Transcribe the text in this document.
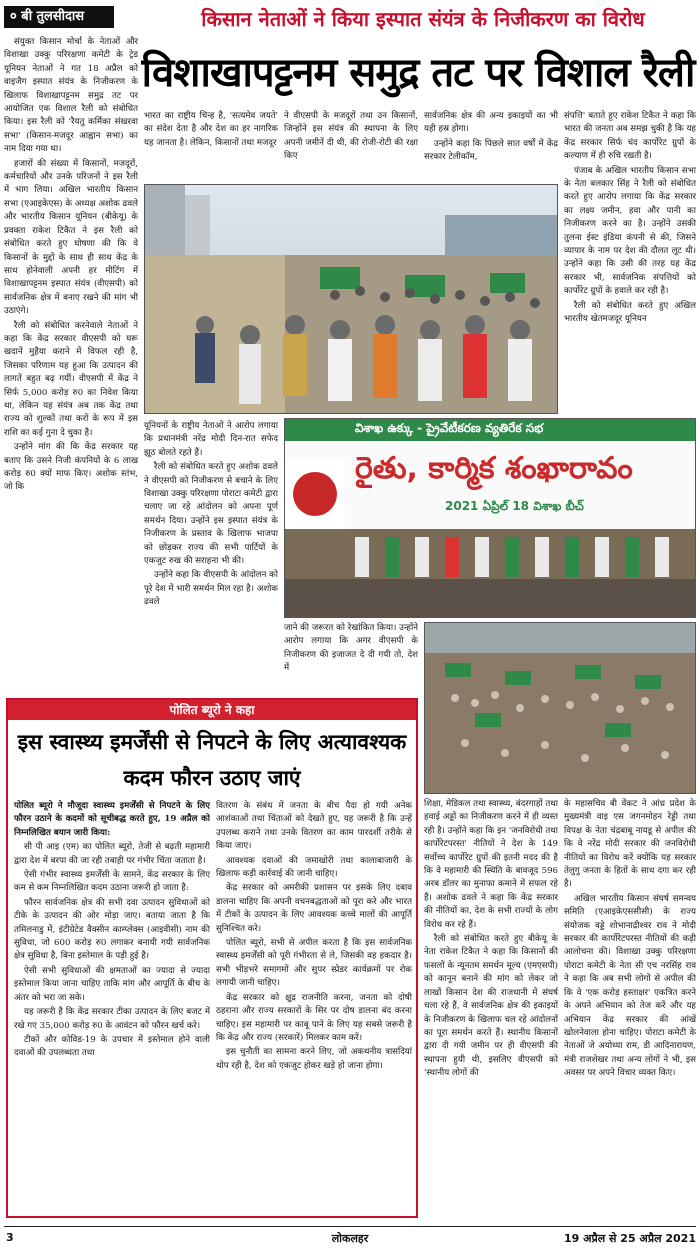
० बी तुलसीदास	किसान नेताओं ने किया इस्पात संयंत्र के निजीकरण का विरोध
विशाखापट्टनम समुद्र तट पर विशाल रैली

संयुक्त किसान मोर्चा के नेताओं और विशाखा उक्कु परिरक्षणा कमेटी के ट्रेड यूनियन नेताओं ने गत 18 अप्रैल को वाइजैग इस्पात संयंत्र के निजीकरण के खिलाफ विशाखापट्टनम समुद्र तट पर आयोजित एक विशाल रैली को संबोधित किया। इस रैली को 'रैयतु कर्मिका संखरवा सभा' (किसान-मजदूर आह्वान सभा) का नाम दिया गया था।

हजारों की संख्या में किसानों, मजदूरों, कर्मचारियों और उनके परिजनों ने इस रैली में भाग लिया। अखिल भारतीय किसान सभा (एआइकेएस) के अध्यक्ष अशोक ढवले और भारतीय किसान यूनियन (बीकेयू) के प्रवक्ता राकेश टिकैत ने इस रैली को संबोधित करते हुए घोषणा की कि वे किसानों के मुद्दों के साथ ही साथ केंद्र के साथ होनेवाली अपनी हर मीटिंग में विशाखापट्टनम इस्पात संयंत्र (वीएसपी) को सार्वजनिक क्षेत्र में बनाए रखने की मांग भी उठाएंगे।

रैली को संबोधित करनेवाले नेताओं ने कहा कि केंद्र सरकार वीएसपी को घरू खदानें मुहैया कराने में विफल रही है, जिसका परिणाम यह हुआ कि उत्पादन की लागतें बहुत बढ़ गयीं। वीएसपी में केंद्र ने सिर्फ 5,000 करोड़ रु0 का निवेश किया था, लेकिन यह संयंत्र अब तक केंद्र तथा राज्य को शुल्कों तथा करों के रूप में इस राशि का कई गुना दे चुका है।

उन्होंने मांग की कि केंद्र सरकार यह बताए कि उसने निजी कंपनियों के 6 लाख करोड़ रु0 क्यों माफ किए। अशोक स्तंभ, जो कि

भारत का राष्ट्रीय चिन्ह है, 'सत्यमेव जयते' का संदेश देता है और देश का हर नागरिक यह जानता है। लेकिन, किसानों तथा मजदूर

ने वीएसपी के मजदूरों तथा उन किसानों, जिन्होंने इस संयंत्र की स्थापना के लिए अपनी जमीनें दी थी, की रोजी-रोटी की रक्षा किए

सार्वजनिक क्षेत्र की अन्य इकाइयों का भी यही हस्र होगा।

उन्होंने कहा कि पिछले सात वर्षों में केंद्र सरकार टेलीकॉम,

संपत्ति' बताते हुए राकेश टिकैत ने कहा कि भारत की जनता अब समझ चुकी है कि यह केंद्र सरकार सिर्फ चंद कार्पोरेट ग्रुपों के कल्याण में ही रुचि रखती है।

पंजाब के अखिल भारतीय किसान सभा के नेता बलकार सिंह ने रैली को संबोधित करते हुए आरोप लगाया कि केंद्र सरकार का लक्ष्य जमीन, हवा और पानी का निजीकरण करने का है। उन्होंने उसकी तुलना ईस्ट इंडिया कंपनी से की, जिसने व्यापार के नाम पर देश की दौलत लूट थी। उन्होंने कहा कि उसी की तरह यह केंद्र सरकार भी, सार्वजनिक संपत्तियों को कार्पोरेट ग्रुपों के हवाले कर रही है।

रैली को संबोधित करते हुए अखिल भारतीय खेतमजदूर यूनियन

यूनियनों के राष्ट्रीय नेताओं ने आरोप लगाया कि प्रधानमंत्री नरेंद्र मोदी दिन-रात सफेद झूठ बोलते रहते हैं।

रैली को संबोधित करते हुए अशोक ढवले ने वीएसपी को निजीकरण से बचाने के लिए विशाखा उक्कु परिरक्षणा पोराटा कमेटी द्वारा चलाए जा रहे आंदोलन को अपना पूर्ण समर्थन दिया। उन्होंने इस इस्पात संयंत्र के निजीकरण के प्रस्ताव के खिलाफ भाजपा को छोड़कर राज्य की सभी पार्टियों के एकजुट रुख की सराहना भी की।

उन्होंने कहा कि वीएसपी के आंदोलन को पूरे देश में भारी समर्थन मिल रहा है। अशोक ढवले

విశాఖ ఉక్కు - ప్రైవేటీకరణ వ్యతిరేక సభ
రైతు, కార్మిక శంఖారావం
2021 ఏప్రిల్ 18 విశాఖ బీచ్

जाने की जरूरत को रेखांकित किया। उन्होंने आरोप लगाया कि अगर वीएसपी के निजीकरण की इजाजत दे दी गयी तो, देश में

पोलित ब्यूरो ने कहा
इस स्वास्थ्य इमर्जेंसी से निपटने के लिए अत्यावश्यक
कदम फौरन उठाए जाएं

पोलित ब्यूरो ने मौजूदा स्वास्थ्य इमर्जेंसी से निपटने के लिए फौरन उठाने के कदमों को सूचीबद्ध करते हुए, 19 अप्रैल को निम्नलिखित बयान जारी किया:

सी पी आइ (एम) का पोलित ब्यूरो, तेजी से बढ़ती महामारी द्वारा देश में बरपा की जा रही तबाही पर गंभीर चिंता जताता है।

ऐसी गंभीर स्वास्थ्य इमर्जेंसी के सामने, केंद्र सरकार के लिए कम से कम निम्नलिखित कदम उठाना जरूरी हो जाता है:

फौरन सार्वजनिक क्षेत्र की सभी दवा उत्पादन सुविधाओं को टीके के उत्पादन की ओर मोड़ा जाए। बताया जाता है कि तमिलनाडु में, इंटीग्रेटेड वैक्सीन काम्प्लेक्स (आइवीसी) नाम की सुविधा, जो 600 करोड़ रु0 लगाकर बनायी गयी सार्वजनिक क्षेत्र सुविधा है, बिना इस्तेमाल के पड़ी हुई है।

ऐसी सभी सुविधाओं की क्षमताओं का ज्यादा से ज्यादा इस्तेमाल किया जाना चाहिए ताकि मांग और आपूर्ति के बीच के अंतर को भरा जा सके।

यह जरूरी है कि केंद्र सरकार टीका उत्पादन के लिए बजट में रखे गए 35,000 करोड़ रु0 के आवंटन को फौरन खर्च करे।

टीकों और कोविड-19 के उपचार में इस्तेमाल होने वाली दवाओं की उपलब्धता तथा

वितरण के संबंध में जनता के बीच पैदा हो गयी अनेक आशंकाओं तथा चिंताओं को देखते हुए, यह जरूरी है कि उन्हें उपलब्ध कराने तथा उनके वितरण का काम पारदर्शी तरीके से किया जाए।

आवश्यक दवाओं की जमाखोरी तथा कालाबाजारी के खिलाफ कड़ी कार्रवाई की जानी चाहिए।

केंद्र सरकार को अमरीकी प्रशासन पर इसके लिए दबाव डालना चाहिए कि अपनी वचनबद्धताओं को पूरा करे और भारत में टीकों के उत्पादन के लिए आवश्यक कच्चे मालों की आपूर्ति सुनिश्चित करे।

पोलित ब्यूरो, सभी से अपील करता है कि इस सार्वजनिक स्वास्थ्य इमर्जेंसी को पूरी गंभीरता से ले, जिसकी वह हकदार है। सभी भीड़भरे समागमों और सुपर स्प्रेडर कार्यक्रमों पर रोक लगायी जानी चाहिए।

केंद्र सरकार को क्षुद्र राजनीति करना, जनता को दोषी ठहराना और राज्य सरकारों के सिर पर दोष डालना बंद करना चाहिए। इस महामारी पर काबू पाने के लिए यह सबसे जरूरी है कि केंद्र और राज्य (सरकारें) मिलकर काम करें।

इस चुनौती का सामना करने लिए, जो अकथनीय त्रासदियां थोप रही है, देश को एकजुट होकर खड़े हो जाना होगा।

शिक्षा, मेडिकल तथा स्वास्थ्य, बंदरगाहों तथा हवाई अड्डों का निजीकरण करने में ही व्यस्त रही है। उन्होंने कहा कि इन 'जनविरोधी तथा कार्पोरेटपरस्त' नीतियों ने देश के 149 सर्वोच्च कार्पोरेट ग्रुपों की इतनी मदद की है कि वे महामारी की स्थिति के बावजूद 596 अरब डॉलर का मुनाफा कमाने में सफल रहे हैं। अशोक ढवले ने कहा कि केंद्र सरकार की नीतियों का, देश के सभी राज्यों के लोग विरोध कर रहे हैं।

रैली को संबोधित करते हुए बीकेयू के नेता राकेश टिकैत ने कहा कि किसानों की फसलों के न्यूनतम समर्थन मूल्य (एमएसपी) को कानून बनाने की मांग को लेकर जो लाखों किसान देश की राजधानी में संघर्ष चला रहे हैं, वे सार्वजनिक क्षेत्र की इकाइयों के निजीकरण के खिलाफ चल रहे आंदोलनों का पूरा समर्थन करते हैं। स्थानीय किसानों द्वारा दी गयी जमीन पर ही वीएसपी की स्थापना हुयी थी, इसलिए वीएसपी को 'स्थानीय लोगों की

के महासचिव बी वेंकट ने आंध्र प्रदेश के मुख्यमंत्री वाइ एस जगनमोहन रेड्डी तथा विपक्ष के नेता चंद्रबाबू नायडू से अपील की कि वे नरेंद्र मोदी सरकार की जनविरोधी नीतियों का विरोध करें क्योंकि यह सरकार तेलुगु जनता के हितों के साथ दगा कर रही है।

अखिल भारतीय किसान संघर्ष समन्वय समिति (एआइकेएससीसी) के राज्य संयोजक वड्डे शोभानाद्रीश्वर राव ने मोदी सरकार की कार्पोरेटपरस्त नीतियों की कड़ी आलोचना की। विशाखा उक्कु परिरक्षणा पोराटा कमेटी के नेता सी एच नरसिंह राव ने कहा कि अब सभी लोगों से अपील की कि वे 'एक करोड़ हस्ताक्षर' एकत्रित करने के अपने अभियान को तेज करें और यह अभियान केंद्र सरकार की आंखें खोलनेवाला होना चाहिए। पोराटा कमेटी के नेताओं जे अयोध्या राम, डी आदिनारायण, मंत्री राजशेखर तथा अन्य लोगों ने भी, इस अवसर पर अपने विचार व्यक्त किए।

3	लोकलहर	19 अप्रैल से 25 अप्रैल 2021
